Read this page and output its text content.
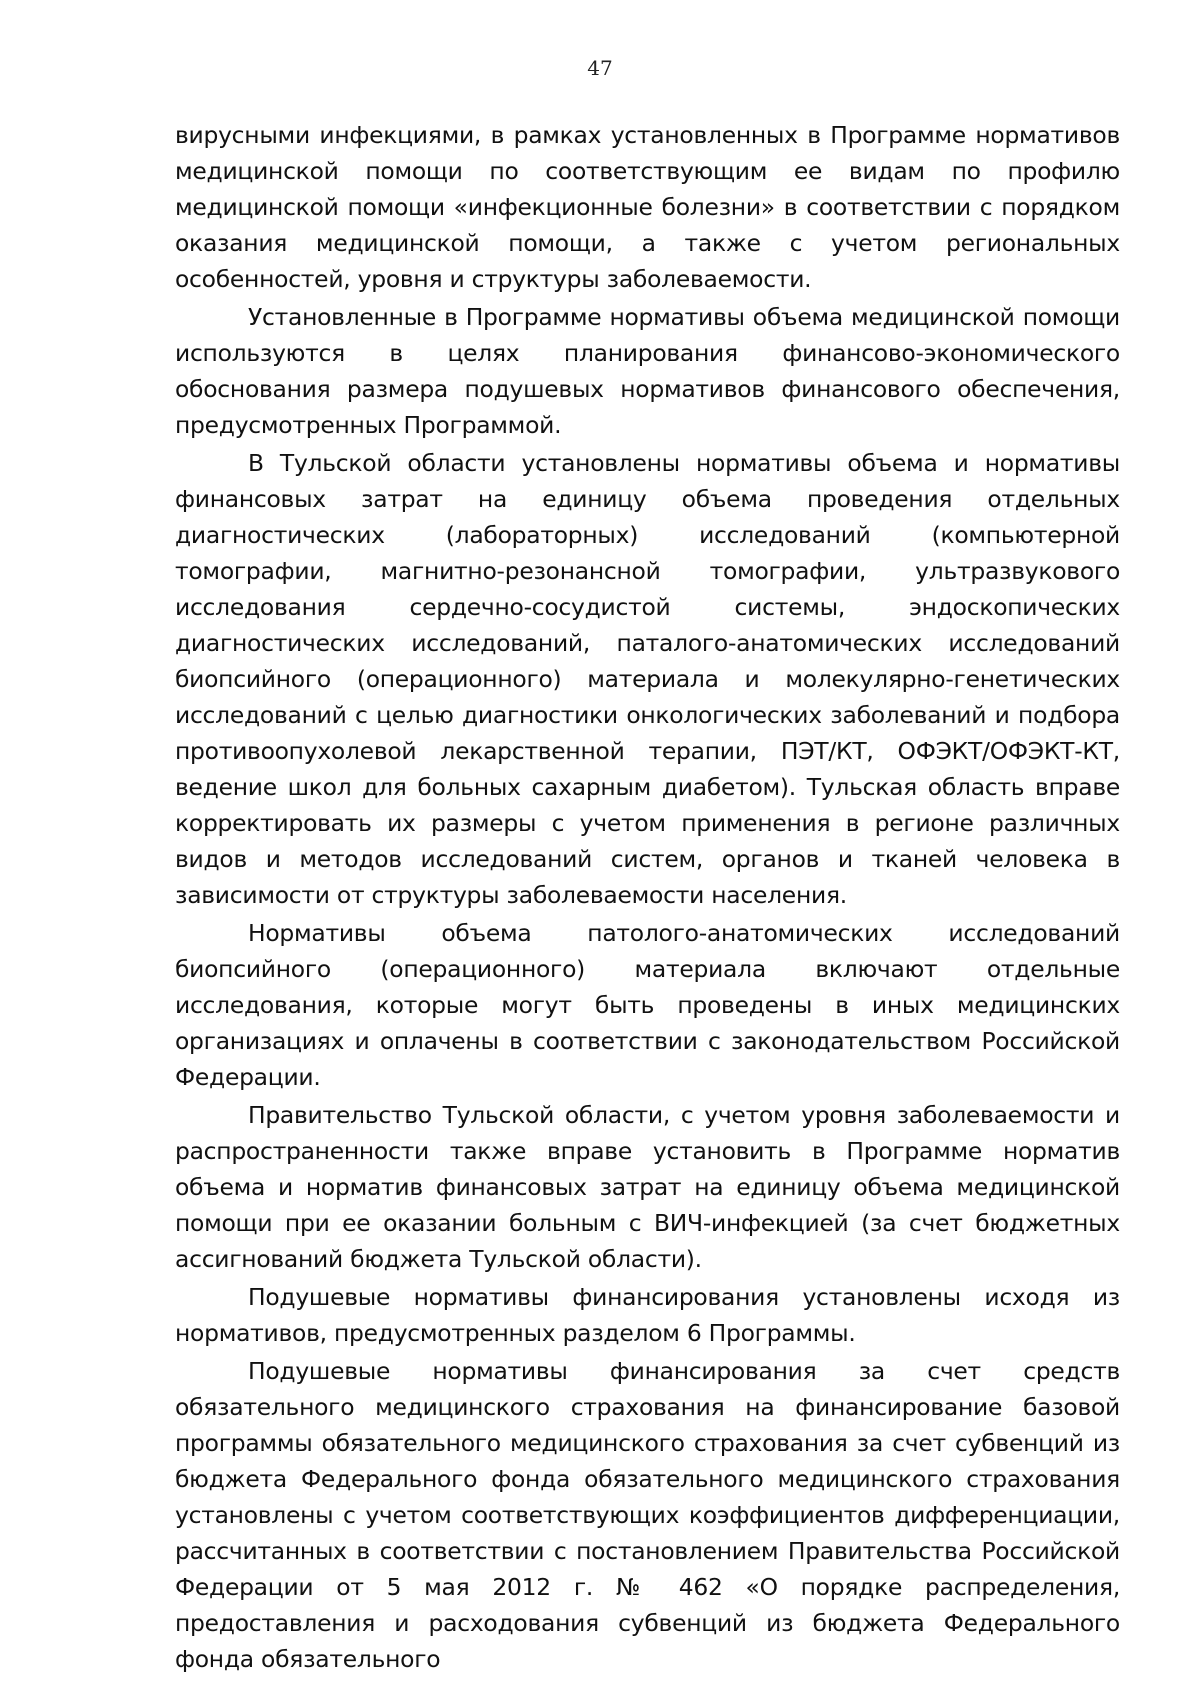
47

вирусными инфекциями, в рамках установленных в Программе нормативов медицинской помощи по соответствующим ее видам по профилю медицинской помощи «инфекционные болезни» в соответствии с порядком оказания медицинской помощи, а также с учетом региональных особенностей, уровня и структуры заболеваемости.

Установленные в Программе нормативы объема медицинской помощи используются в целях планирования финансово-экономического обоснования размера подушевых нормативов финансового обеспечения, предусмотренных Программой.

В Тульской области установлены нормативы объема и нормативы финансовых затрат на единицу объема проведения отдельных диагностических (лабораторных) исследований (компьютерной томографии, магнитно-резонансной томографии, ультразвукового исследования сердечно-сосудистой системы, эндоскопических диагностических исследований, паталого-анатомических исследований биопсийного (операционного) материала и молекулярно-генетических исследований с целью диагностики онкологических заболеваний и подбора противоопухолевой лекарственной терапии, ПЭТ/КТ, ОФЭКТ/ОФЭКТ-КТ, ведение школ для больных сахарным диабетом). Тульская область вправе корректировать их размеры с учетом применения в регионе различных видов и методов исследований систем, органов и тканей человека в зависимости от структуры заболеваемости населения.

Нормативы объема патолого-анатомических исследований биопсийного (операционного) материала включают отдельные исследования, которые могут быть проведены в иных медицинских организациях и оплачены в соответствии с законодательством Российской Федерации.

Правительство Тульской области, с учетом уровня заболеваемости и распространенности также вправе установить в Программе норматив объема и норматив финансовых затрат на единицу объема медицинской помощи при ее оказании больным с ВИЧ-инфекцией (за счет бюджетных ассигнований бюджета Тульской области).

Подушевые нормативы финансирования установлены исходя из нормативов, предусмотренных разделом 6 Программы.

Подушевые нормативы финансирования за счет средств обязательного медицинского страхования на финансирование базовой программы обязательного медицинского страхования за счет субвенций из бюджета Федерального фонда обязательного медицинского страхования установлены с учетом соответствующих коэффициентов дифференциации, рассчитанных в соответствии с постановлением Правительства Российской Федерации от 5 мая 2012 г. № 462 «О порядке распределения, предоставления и расходования субвенций из бюджета Федерального фонда обязательного
